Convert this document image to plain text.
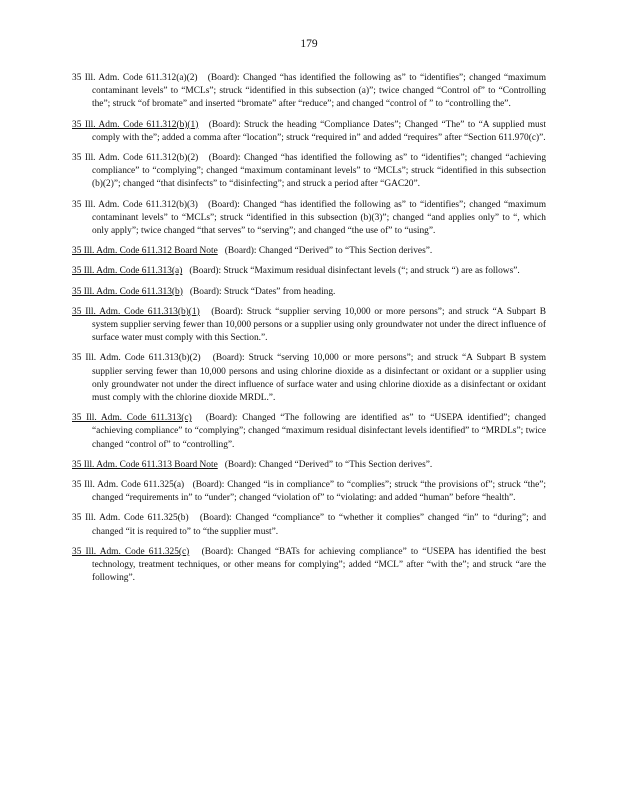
179

35 Ill. Adm. Code 611.312(a)(2) (Board): Changed “has identified the following as” to “identifies”; changed “maximum contaminant levels” to “MCLs”; struck “identified in this subsection (a)”; twice changed “Control of” to “Controlling the”; struck “of bromate” and inserted “bromate” after “reduce”; and changed “control of ” to “controlling the”.

35 Ill. Adm. Code 611.312(b)(1) (Board): Struck the heading “Compliance Dates”; Changed “The” to “A supplied must comply with the”; added a comma after “location”; struck “required in” and added “requires” after “Section 611.970(c)”.

35 Ill. Adm. Code 611.312(b)(2) (Board): Changed “has identified the following as” to “identifies”; changed “achieving compliance” to “complying”; changed “maximum contaminant levels” to “MCLs”; struck “identified in this subsection (b)(2)”; changed “that disinfects” to “disinfecting”; and struck a period after “GAC20”.

35 Ill. Adm. Code 611.312(b)(3) (Board): Changed “has identified the following as” to “identifies”; changed “maximum contaminant levels” to “MCLs”; struck “identified in this subsection (b)(3)”; changed “and applies only” to “, which only apply”; twice changed “that serves” to “serving”; and changed “the use of” to “using”.

35 Ill. Adm. Code 611.312 Board Note (Board): Changed “Derived” to “This Section derives”.

35 Ill. Adm. Code 611.313(a) (Board): Struck “Maximum residual disinfectant levels (“; and struck “) are as follows”.

35 Ill. Adm. Code 611.313(b) (Board): Struck “Dates” from heading.

35 Ill. Adm. Code 611.313(b)(1) (Board): Struck “supplier serving 10,000 or more persons”; and struck “A Subpart B system supplier serving fewer than 10,000 persons or a supplier using only groundwater not under the direct influence of surface water must comply with this Section.”.

35 Ill. Adm. Code 611.313(b)(2) (Board): Struck “serving 10,000 or more persons”; and struck “A Subpart B system supplier serving fewer than 10,000 persons and using chlorine dioxide as a disinfectant or oxidant or a supplier using only groundwater not under the direct influence of surface water and using chlorine dioxide as a disinfectant or oxidant must comply with the chlorine dioxide MRDL.”.

35 Ill. Adm. Code 611.313(c) (Board): Changed “The following are identified as” to “USEPA identified”; changed “achieving compliance” to “complying”; changed “maximum residual disinfectant levels identified” to “MRDLs”; twice changed “control of” to “controlling”.

35 Ill. Adm. Code 611.313 Board Note (Board): Changed “Derived” to “This Section derives”.

35 Ill. Adm. Code 611.325(a) (Board): Changed “is in compliance” to “complies”; struck “the provisions of”; struck “the”; changed “requirements in” to “under”; changed “violation of” to “violating: and added “human” before “health”.

35 Ill. Adm. Code 611.325(b) (Board): Changed “compliance” to “whether it complies” changed “in” to “during”; and changed “it is required to” to “the supplier must”.

35 Ill. Adm. Code 611.325(c) (Board): Changed “BATs for achieving compliance” to “USEPA has identified the best technology, treatment techniques, or other means for complying”; added “MCL” after “with the”; and struck “are the following”.
